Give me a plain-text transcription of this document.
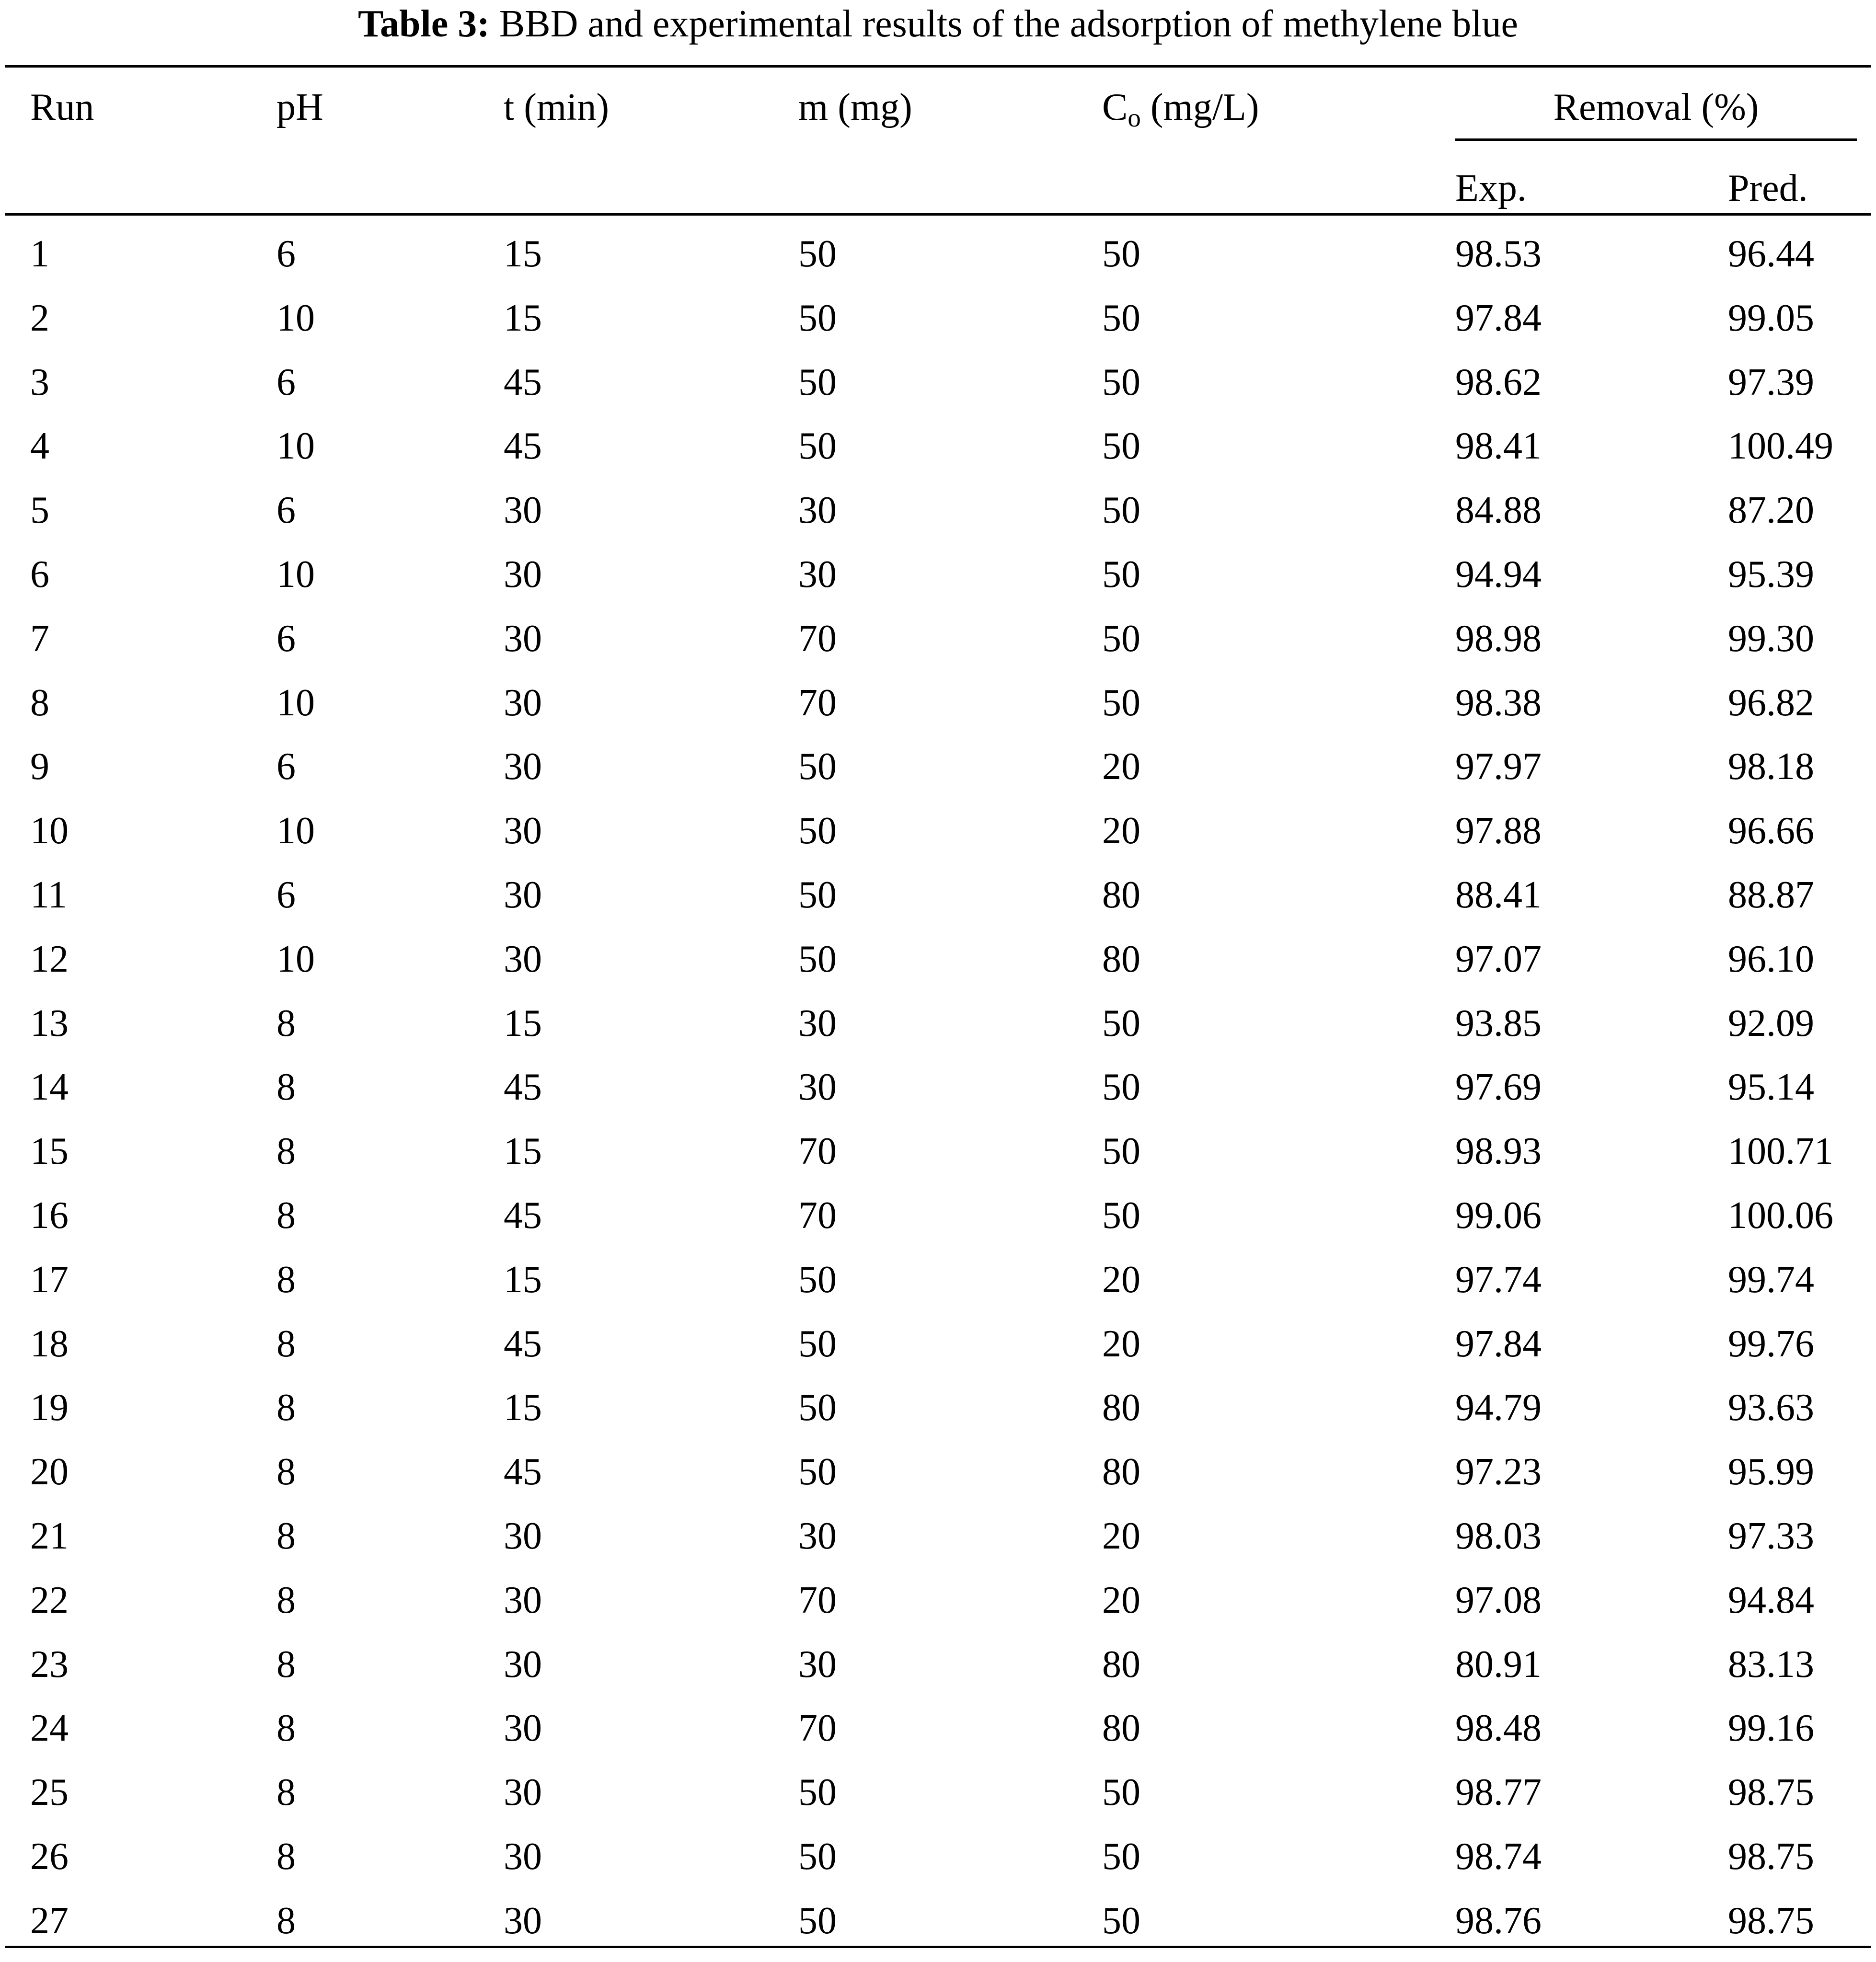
Table 3: BBD and experimental results of the adsorption of methylene blue
Run	pH	t (min)	m (mg)	$C_o$ (mg/L)	Removal (%)
Exp.	Pred.
1	6	15	50	50	98.53	96.44
2	10	15	50	50	97.84	99.05
3	6	45	50	50	98.62	97.39
4	10	45	50	50	98.41	100.49
5	6	30	30	50	84.88	87.20
6	10	30	30	50	94.94	95.39
7	6	30	70	50	98.98	99.30
8	10	30	70	50	98.38	96.82
9	6	30	50	20	97.97	98.18
10	10	30	50	20	97.88	96.66
11	6	30	50	80	88.41	88.87
12	10	30	50	80	97.07	96.10
13	8	15	30	50	93.85	92.09
14	8	45	30	50	97.69	95.14
15	8	15	70	50	98.93	100.71
16	8	45	70	50	99.06	100.06
17	8	15	50	20	97.74	99.74
18	8	45	50	20	97.84	99.76
19	8	15	50	80	94.79	93.63
20	8	45	50	80	97.23	95.99
21	8	30	30	20	98.03	97.33
22	8	30	70	20	97.08	94.84
23	8	30	30	80	80.91	83.13
24	8	30	70	80	98.48	99.16
25	8	30	50	50	98.77	98.75
26	8	30	50	50	98.74	98.75
27	8	30	50	50	98.76	98.75
